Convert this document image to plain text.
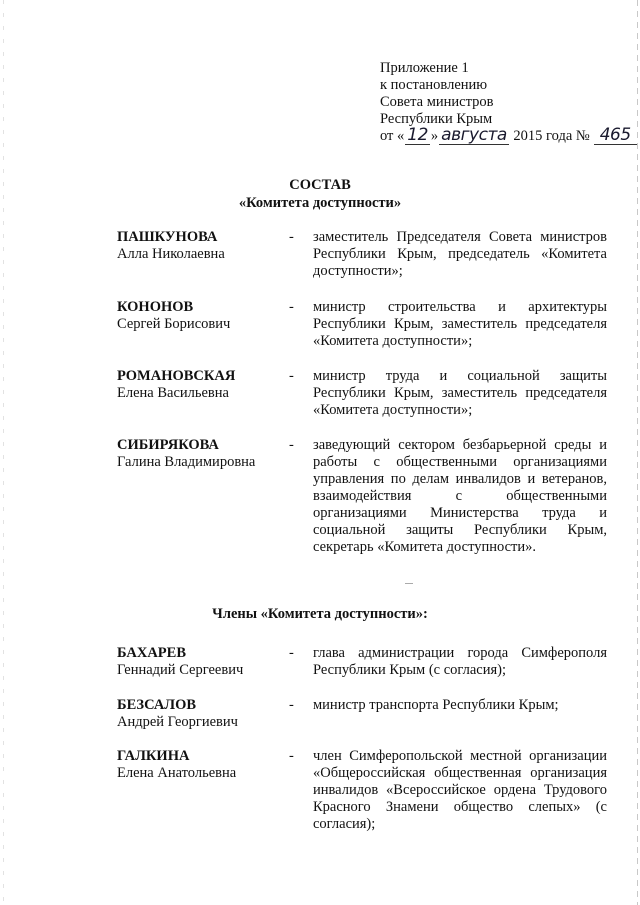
Приложение 1
к постановлению
Совета министров
Республики Крым
от « 12 » августа
2015 года № 465
СОСТАВ
«Комитета доступности»
ПАШКУНОВА
Алла Николаевна
- заместитель Председателя Совета министров Республики Крым, председатель «Комитета доступности»;
КОНОНОВ
Сергей Борисович
- министр строительства и архитектуры Республики Крым, заместитель председателя «Комитета доступности»;
РОМАНОВСКАЯ
Елена Васильевна
- министр труда и социальной защиты Республики Крым, заместитель председателя «Комитета доступности»;
СИБИРЯКОВА
Галина Владимировна
- заведующий сектором безбарьерной среды и работы с общественными организациями управления по делам инвалидов и ветеранов, взаимодействия с общественными организациями Министерства труда и социальной защиты Республики Крым, секретарь «Комитета доступности».
Члены «Комитета доступности»:
БАХАРЕВ
Геннадий Сергеевич
- глава администрации города Симферополя Республики Крым (с согласия);
БЕЗСАЛОВ
Андрей Георгиевич
- министр транспорта Республики Крым;
ГАЛКИНА
Елена Анатольевна
- член Симферопольской местной организации «Общероссийская общественная организация инвалидов «Всероссийское ордена Трудового Красного Знамени общество слепых» (с согласия);
